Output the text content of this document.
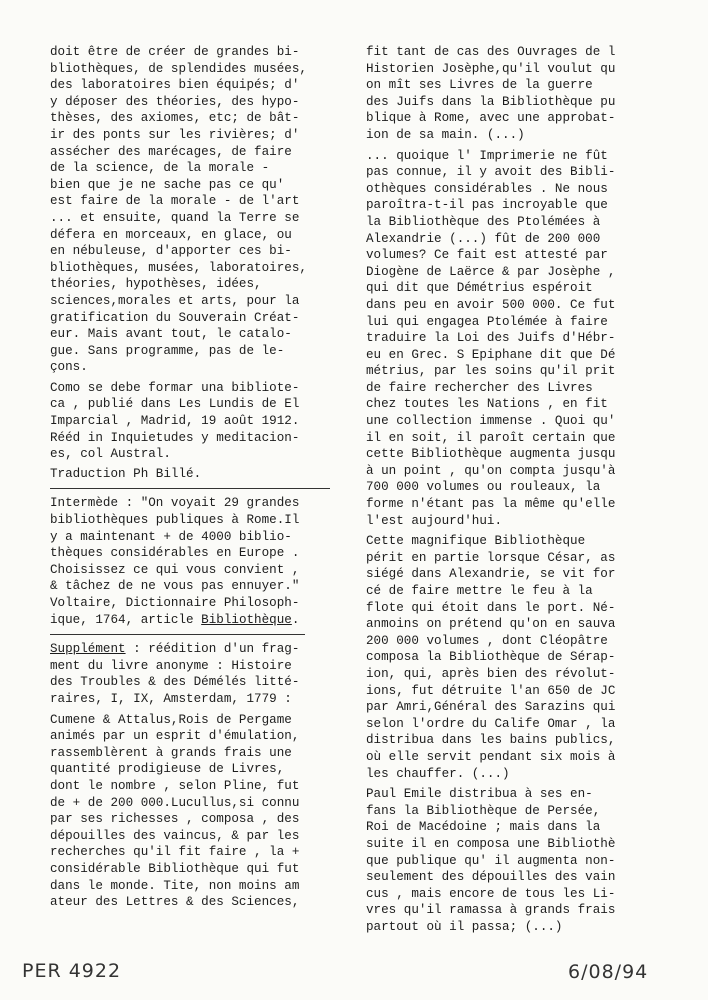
doit être de créer de grandes bi-
bliothèques, de splendides musées,
des laboratoires bien équipés; d'
y déposer des théories, des hypo-
thèses, des axiomes, etc; de bât-
ir des ponts sur les rivières; d'
assécher des marécages, de faire
de la science, de la morale -
bien que je ne sache pas ce qu'
est faire de la morale - de l'art
... et ensuite, quand la Terre se
défera en morceaux, en glace, ou
en nébuleuse, d'apporter ces bi-
bliothèques, musées, laboratoires,
théories, hypothèses, idées,
sciences,morales et arts, pour la
gratification du Souverain Créat-
eur. Mais avant tout, le catalo-
gue. Sans programme, pas de le-
çons.

Como se debe formar una bibliote-
ca , publié dans Les Lundis de El
Imparcial , Madrid, 19 août 1912.
Rééd in Inquietudes y meditacion-
es, col Austral.

Traduction Ph Billé.

Intermède : "On voyait 29 grandes
bibliothèques publiques à Rome.Il
y a maintenant + de 4000 biblio-
thèques considérables en Europe .
Choisissez ce qui vous convient ,
& tâchez de ne vous pas ennuyer."
Voltaire, Dictionnaire Philosoph-
ique, 1764, article Bibliothèque.

Supplément : réédition d'un frag-
ment du livre anonyme : Histoire
des Troubles & des Démélés litté-
raires, I, IX, Amsterdam, 1779 :

Cumene & Attalus,Rois de Pergame
animés par un esprit d'émulation,
rassemblèrent à grands frais une
quantité prodigieuse de Livres,
dont le nombre , selon Pline, fut
de + de 200 000.Lucullus,si connu
par ses richesses , composa , des
dépouilles des vaincus, & par les
recherches qu'il fit faire , la +
considérable Bibliothèque qui fut
dans le monde. Tite, non moins am
ateur des Lettres & des Sciences,

fit tant de cas des Ouvrages de l
Historien Josèphe,qu'il voulut qu
on mît ses Livres de la guerre
des Juifs dans la Bibliothèque pu
blique à Rome, avec une approbat-
ion de sa main. (...)

... quoique l' Imprimerie ne fût
pas connue, il y avoit des Bibli-
othèques considérables . Ne nous
paroîtra-t-il pas incroyable que
la Bibliothèque des Ptolémées à
Alexandrie (...) fût de 200 000
volumes? Ce fait est attesté par
Diogène de Laërce & par Josèphe ,
qui dit que Démétrius espéroit
dans peu en avoir 500 000. Ce fut
lui qui engagea Ptolémée à faire
traduire la Loi des Juifs d'Hébr-
eu en Grec. S Epiphane dit que Dé
métrius, par les soins qu'il prit
de faire rechercher des Livres
chez toutes les Nations , en fit
une collection immense . Quoi qu'
il en soit, il paroît certain que
cette Bibliothèque augmenta jusqu
à un point , qu'on compta jusqu'à
700 000 volumes ou rouleaux, la
forme n'étant pas la même qu'elle
l'est aujourd'hui.

Cette magnifique Bibliothèque
périt en partie lorsque César, as
siégé dans Alexandrie, se vit for
cé de faire mettre le feu à la
flote qui étoit dans le port. Né-
anmoins on prétend qu'on en sauva
200 000 volumes , dont Cléopâtre
composa la Bibliothèque de Sérap-
ion, qui, après bien des révolut-
ions, fut détruite l'an 650 de JC
par Amri,Général des Sarazins qui
selon l'ordre du Calife Omar , la
distribua dans les bains publics,
où elle servit pendant six mois à
les chauffer. (...)

Paul Emile distribua à ses en-
fans la Bibliothèque de Persée,
Roi de Macédoine ; mais dans la
suite il en composa une Bibliothè
que publique qu' il augmenta non-
seulement des dépouilles des vain
cus , mais encore de tous les Li-
vres qu'il ramassa à grands frais
partout où il passa; (...)

PER 4922	6/08/94
